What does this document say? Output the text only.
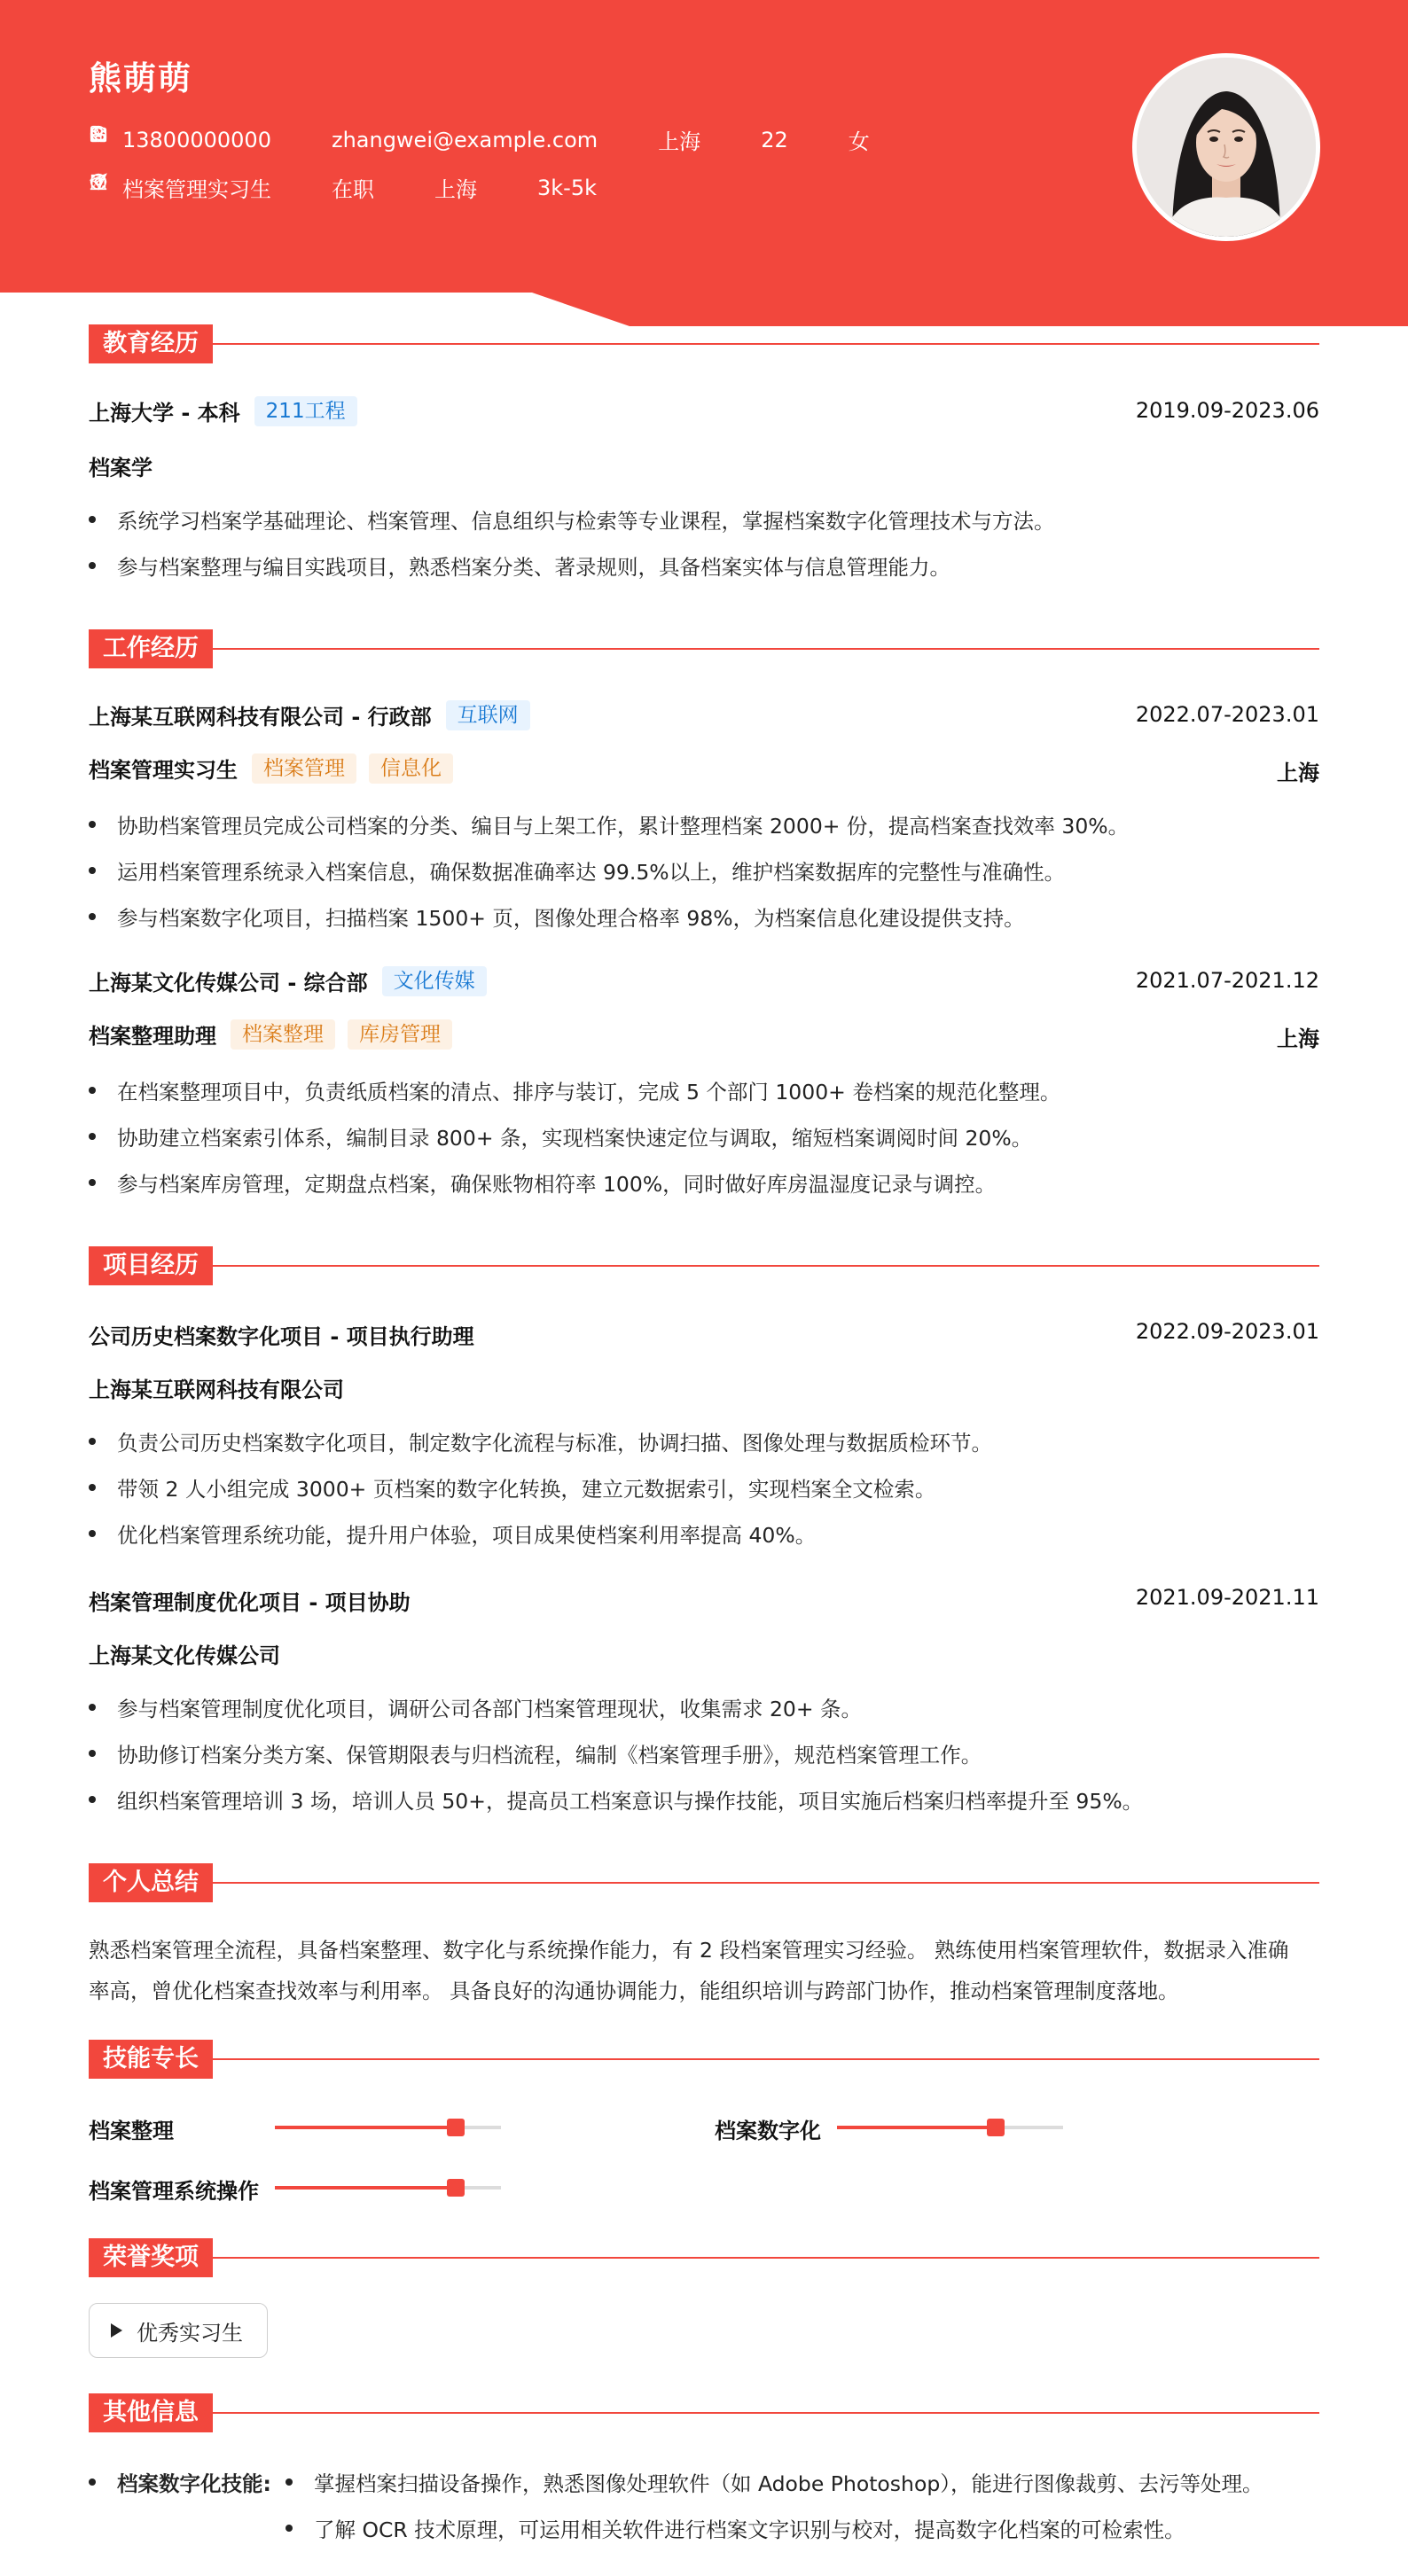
熊萌萌
13800000000	zhangwei@example.com	上海	22	女
档案管理实习生	在职	上海	3k-5k
教育经历
上海大学 - 本科	211工程	2019.09-2023.06
档案学
系统学习档案学基础理论、档案管理、信息组织与检索等专业课程，掌握档案数字化管理技术与方法。
参与档案整理与编目实践项目，熟悉档案分类、著录规则，具备档案实体与信息管理能力。
工作经历
上海某互联网科技有限公司 - 行政部	互联网	2022.07-2023.01
档案管理实习生	档案管理	信息化	上海
协助档案管理员完成公司档案的分类、编目与上架工作，累计整理档案 2000+ 份，提高档案查找效率 30%。
运用档案管理系统录入档案信息，确保数据准确率达 99.5%以上，维护档案数据库的完整性与准确性。
参与档案数字化项目，扫描档案 1500+ 页，图像处理合格率 98%，为档案信息化建设提供支持。
上海某文化传媒公司 - 综合部	文化传媒	2021.07-2021.12
档案整理助理	档案整理	库房管理	上海
在档案整理项目中，负责纸质档案的清点、排序与装订，完成 5 个部门 1000+ 卷档案的规范化整理。
协助建立档案索引体系，编制目录 800+ 条，实现档案快速定位与调取，缩短档案调阅时间 20%。
参与档案库房管理，定期盘点档案，确保账物相符率 100%，同时做好库房温湿度记录与调控。
项目经历
公司历史档案数字化项目 - 项目执行助理	2022.09-2023.01
上海某互联网科技有限公司
负责公司历史档案数字化项目，制定数字化流程与标准，协调扫描、图像处理与数据质检环节。
带领 2 人小组完成 3000+ 页档案的数字化转换，建立元数据索引，实现档案全文检索。
优化档案管理系统功能，提升用户体验，项目成果使档案利用率提高 40%。
档案管理制度优化项目 - 项目协助	2021.09-2021.11
上海某文化传媒公司
参与档案管理制度优化项目，调研公司各部门档案管理现状，收集需求 20+ 条。
协助修订档案分类方案、保管期限表与归档流程，编制《档案管理手册》，规范档案管理工作。
组织档案管理培训 3 场，培训人员 50+，提高员工档案意识与操作技能，项目实施后档案归档率提升至 95%。
个人总结
熟悉档案管理全流程，具备档案整理、数字化与系统操作能力，有 2 段档案管理实习经验。 熟练使用档案管理软件，数据录入准确
率高，曾优化档案查找效率与利用率。 具备良好的沟通协调能力，能组织培训与跨部门协作，推动档案管理制度落地。
技能专长
档案整理	档案数字化
档案管理系统操作
荣誉奖项
优秀实习生
其他信息
档案数字化技能:	掌握档案扫描设备操作，熟悉图像处理软件（如 Adobe Photoshop），能进行图像裁剪、去污等处理。
了解 OCR 技术原理，可运用相关软件进行档案文字识别与校对，提高数字化档案的可检索性。
